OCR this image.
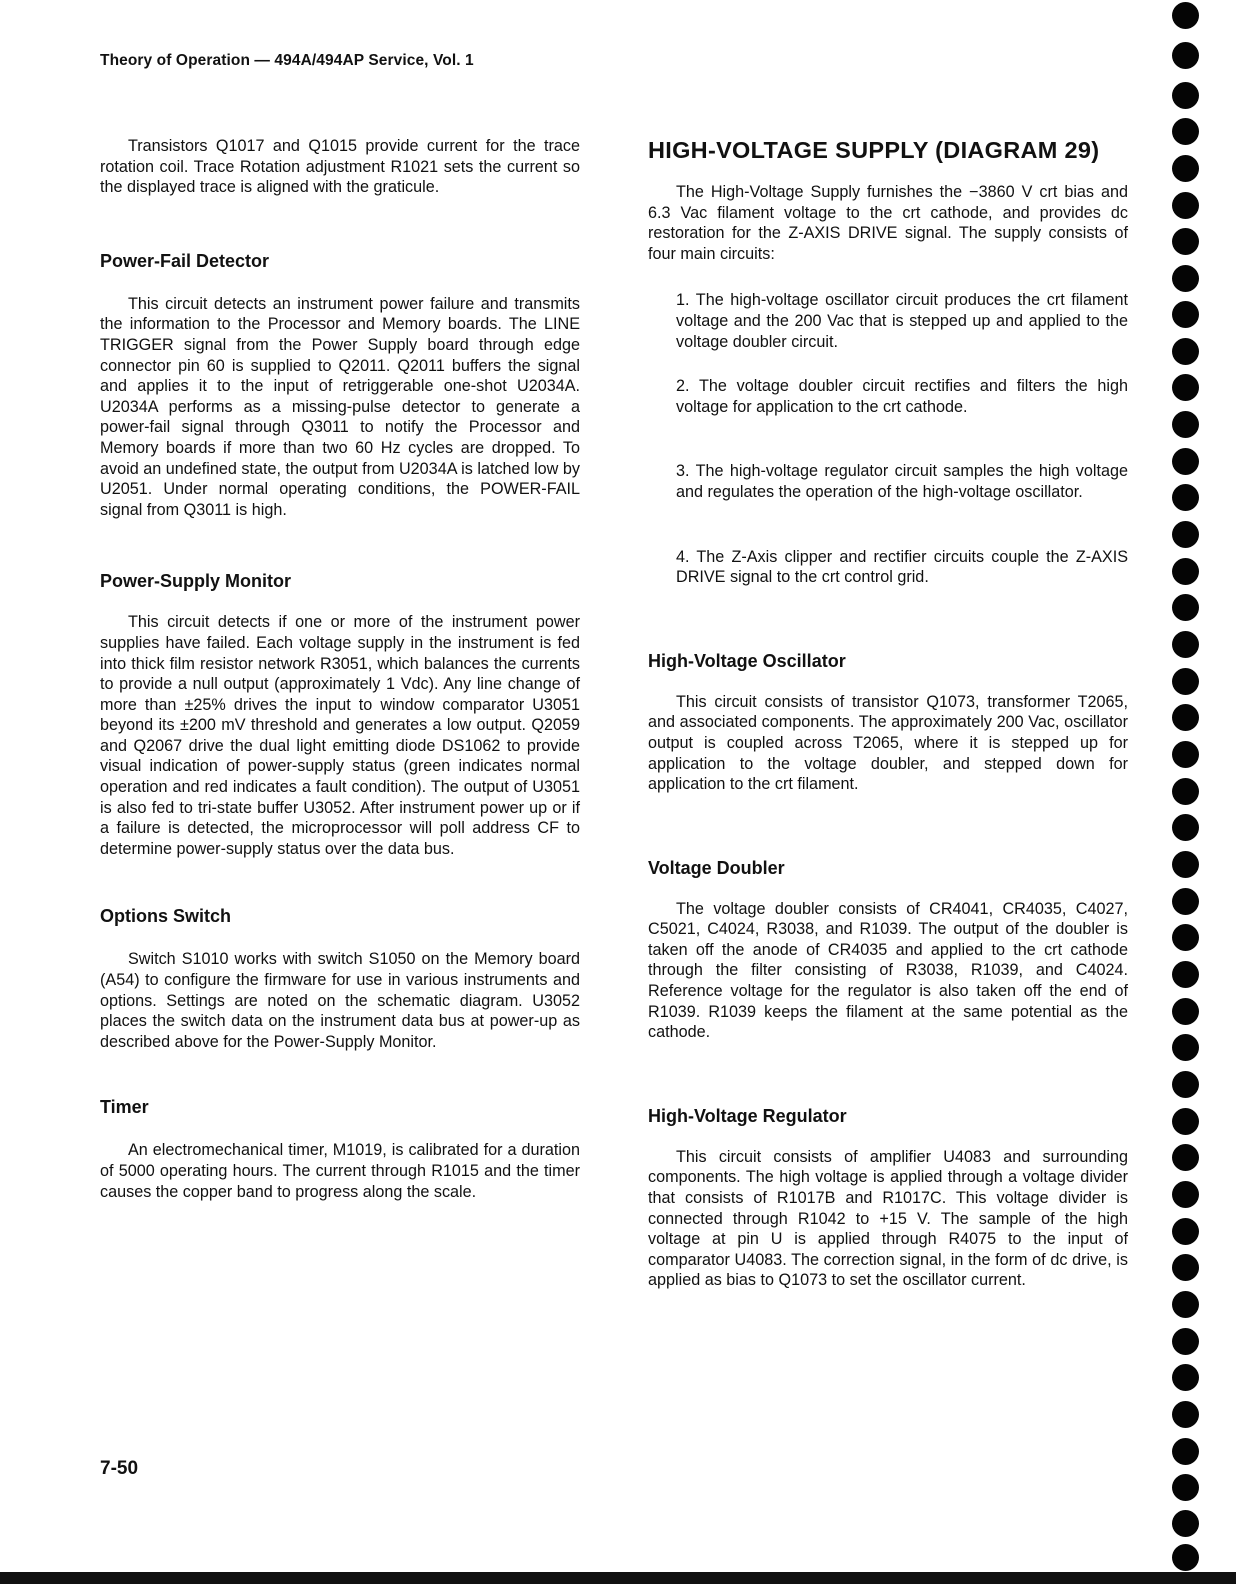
Theory of Operation — 494A/494AP Service, Vol. 1

Transistors Q1017 and Q1015 provide current for the trace rotation coil. Trace Rotation adjustment R1021 sets the current so the displayed trace is aligned with the graticule.

Power-Fail Detector

This circuit detects an instrument power failure and transmits the information to the Processor and Memory boards. The LINE TRIGGER signal from the Power Supply board through edge connector pin 60 is supplied to Q2011. Q2011 buffers the signal and applies it to the input of retriggerable one-shot U2034A. U2034A performs as a missing-pulse detector to generate a power-fail signal through Q3011 to notify the Processor and Memory boards if more than two 60 Hz cycles are dropped. To avoid an undefined state, the output from U2034A is latched low by U2051. Under normal operating conditions, the POWER-FAIL signal from Q3011 is high.

Power-Supply Monitor

This circuit detects if one or more of the instrument power supplies have failed. Each voltage supply in the instrument is fed into thick film resistor network R3051, which balances the currents to provide a null output (approximately 1 Vdc). Any line change of more than ±25% drives the input to window comparator U3051 beyond its ±200 mV threshold and generates a low output. Q2059 and Q2067 drive the dual light emitting diode DS1062 to provide visual indication of power-supply status (green indicates normal operation and red indicates a fault condition). The output of U3051 is also fed to tri-state buffer U3052. After instrument power up or if a failure is detected, the microprocessor will poll address CF to determine power-supply status over the data bus.

Options Switch

Switch S1010 works with switch S1050 on the Memory board (A54) to configure the firmware for use in various instruments and options. Settings are noted on the schematic diagram. U3052 places the switch data on the instrument data bus at power-up as described above for the Power-Supply Monitor.

Timer

An electromechanical timer, M1019, is calibrated for a duration of 5000 operating hours. The current through R1015 and the timer causes the copper band to progress along the scale.

HIGH-VOLTAGE SUPPLY (DIAGRAM 29)

The High-Voltage Supply furnishes the −3860 V crt bias and 6.3 Vac filament voltage to the crt cathode, and provides dc restoration for the Z-AXIS DRIVE signal. The supply consists of four main circuits:

1. The high-voltage oscillator circuit produces the crt filament voltage and the 200 Vac that is stepped up and applied to the voltage doubler circuit.
2. The voltage doubler circuit rectifies and filters the high voltage for application to the crt cathode.
3. The high-voltage regulator circuit samples the high voltage and regulates the operation of the high-voltage oscillator.
4. The Z-Axis clipper and rectifier circuits couple the Z-AXIS DRIVE signal to the crt control grid.
High-Voltage Oscillator

This circuit consists of transistor Q1073, transformer T2065, and associated components. The approximately 200 Vac, oscillator output is coupled across T2065, where it is stepped up for application to the voltage doubler, and stepped down for application to the crt filament.

Voltage Doubler

The voltage doubler consists of CR4041, CR4035, C4027, C5021, C4024, R3038, and R1039. The output of the doubler is taken off the anode of CR4035 and applied to the crt cathode through the filter consisting of R3038, R1039, and C4024. Reference voltage for the regulator is also taken off the end of R1039. R1039 keeps the filament at the same potential as the cathode.

High-Voltage Regulator

This circuit consists of amplifier U4083 and surrounding components. The high voltage is applied through a voltage divider that consists of R1017B and R1017C. This voltage divider is connected through R1042 to +15 V. The sample of the high voltage at pin U is applied through R4075 to the input of comparator U4083. The correction signal, in the form of dc drive, is applied as bias to Q1073 to set the oscillator current.

7-50
